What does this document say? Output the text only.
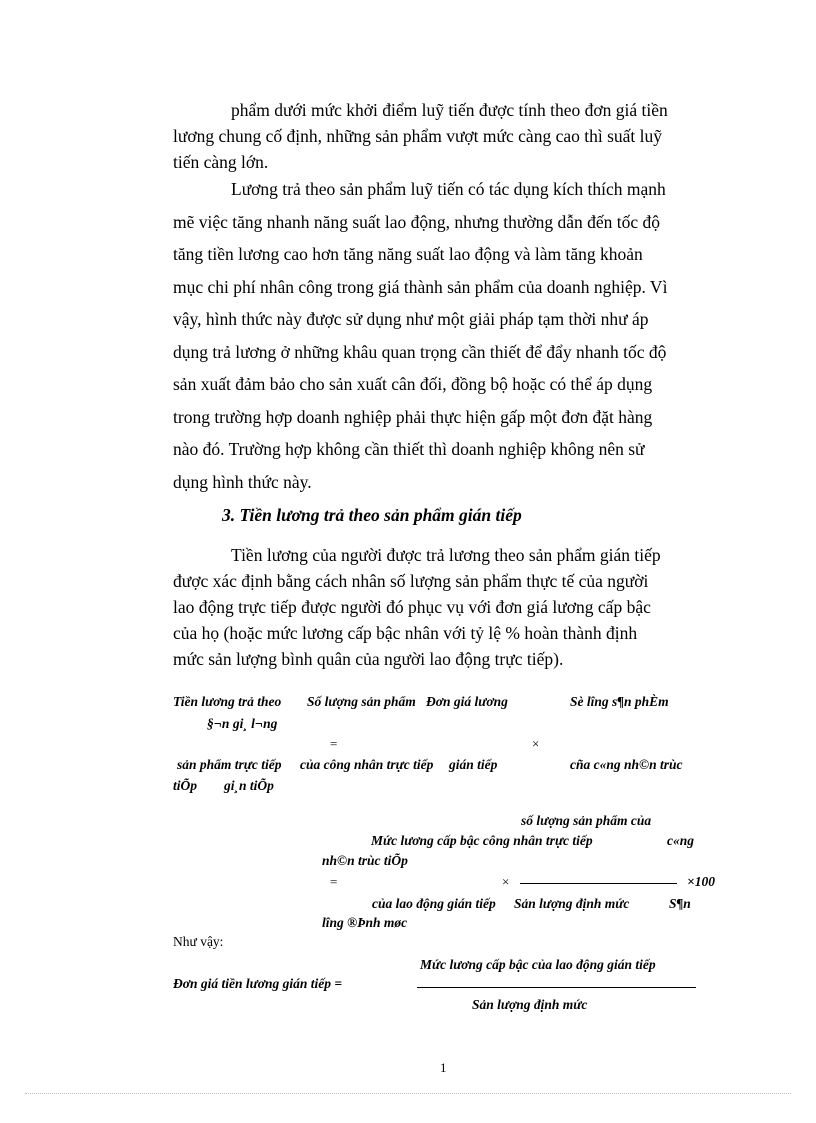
phẩm dưới mức khởi điểm luỹ tiến được tính theo đơn giá tiền
lương chung cố định, những sản phẩm vượt mức càng cao thì suất luỹ
tiến càng lớn.
Lương trả theo sản phẩm luỹ tiến có tác dụng kích thích mạnh
mẽ việc tăng nhanh năng suất lao động, nhưng thường dẫn đến tốc độ
tăng tiền lương cao hơn tăng năng suất lao động và làm tăng khoản
mục chi phí nhân công trong giá thành sản phẩm của doanh nghiệp. Vì
vậy, hình thức này được sử dụng như một giải pháp tạm thời như áp
dụng trả lương ở những khâu quan trọng cần thiết để đẩy nhanh tốc độ
sản xuất đảm bảo cho sản xuất cân đối, đồng bộ hoặc có thể áp dụng
trong trường hợp doanh nghiệp phải thực hiện gấp một đơn đặt hàng
nào đó. Trường hợp không cần thiết thì doanh nghiệp không nên sử
dụng hình thức này.
3. Tiền lương trả theo sản phẩm gián tiếp
Tiền lương của người được trả lương theo sản phẩm gián tiếp
được xác định bằng cách nhân số lượng sản phẩm thực tế của người
lao động trực tiếp được người đó phục vụ với đơn giá lương cấp bậc
của họ (hoặc mức lương cấp bậc nhân với tỷ lệ % hoàn thành định
mức sản lượng bình quân của người lao động trực tiếp).
Tiền lương trả theo Số lượng sản phẩm Đơn giá lương	Sè lîng s¶n phÈm
§¬n gi¸ l¬ng
=	×
sản phẩm trực tiếp của công nhân trực tiếp gián tiếp	cña c«ng nh©n trùc
tiÕp gi¸n tiÕp
số lượng sản phẩm của
Mức lương cấp bậc công nhân trực tiếp	c«ng
nh©n trùc tiÕp
=	×	×100
của lao động gián tiếp Sản lượng định mức	S¶n
lîng ®Þnh møc
Như vậy:
Mức lương cấp bậc của lao động gián tiếp
Đơn giá tiền lương gián tiếp =
Sản lượng định mức
1
